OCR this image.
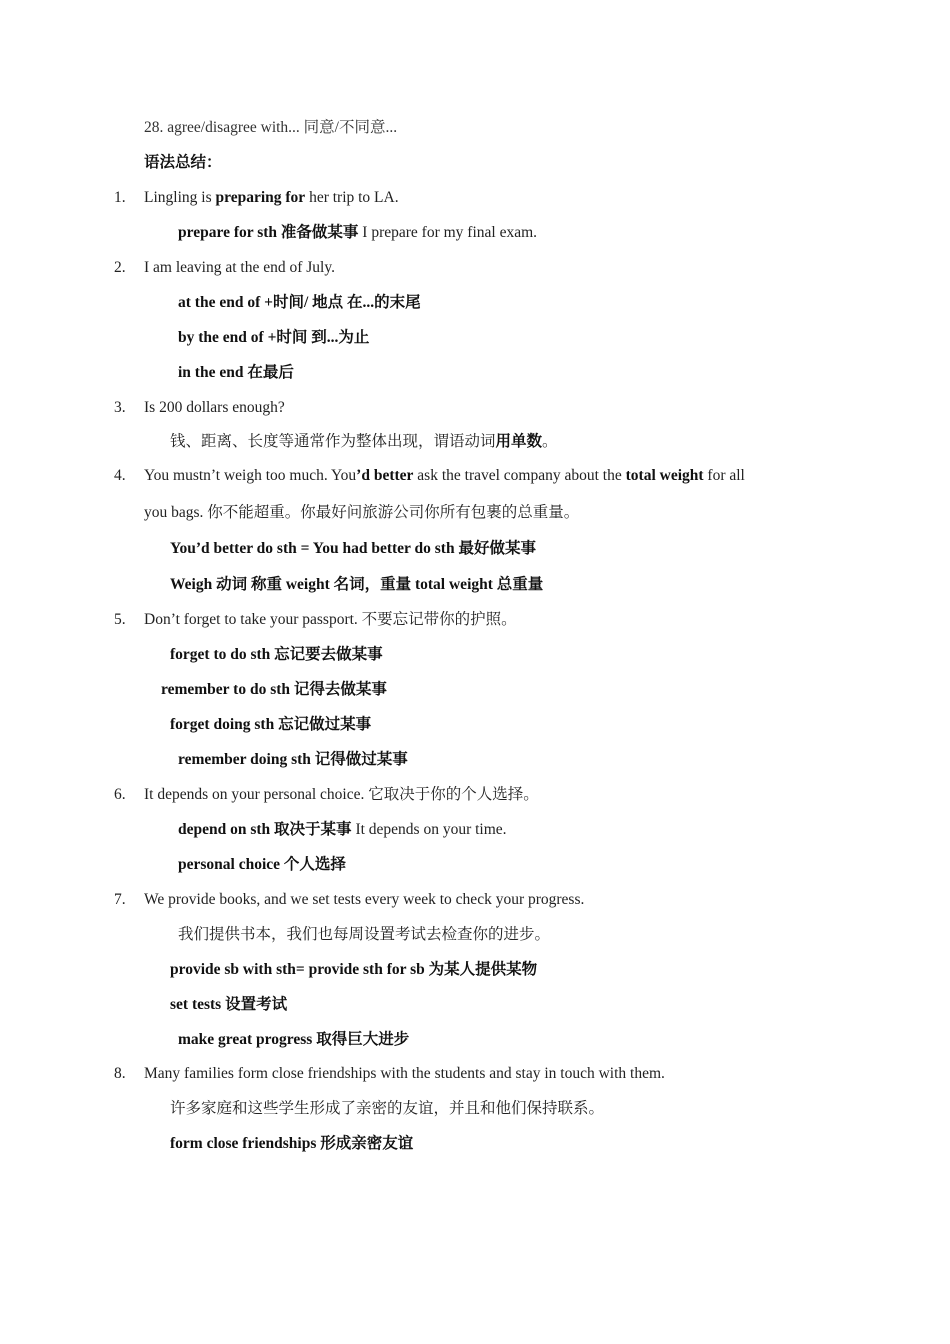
28. agree/disagree with... 同意/不同意...
语法总结：
1. Lingling is preparing for her trip to LA.
prepare for sth 准备做某事 I prepare for my final exam.
2. I am leaving at the end of July.
at the end of +时间/ 地点 在...的末尾
by the end of +时间 到...为止
in the end 在最后
3. Is 200 dollars enough?
钱、距离、长度等通常作为整体出现，谓语动词用单数。
4. You mustn’t weigh too much. You’d better ask the travel company about the total weight for all
you bags. 你不能超重。你最好问旅游公司你所有包裹的总重量。
You’d better do sth = You had better do sth 最好做某事
Weigh 动词 称重 weight 名词，重量 total weight 总重量
5. Don’t forget to take your passport. 不要忘记带你的护照。
forget to do sth 忘记要去做某事
remember to do sth 记得去做某事
forget doing sth 忘记做过某事
remember doing sth 记得做过某事
6. It depends on your personal choice. 它取决于你的个人选择。
depend on sth 取决于某事 It depends on your time.
personal choice 个人选择
7. We provide books, and we set tests every week to check your progress.
我们提供书本，我们也每周设置考试去检查你的进步。
provide sb with sth= provide sth for sb 为某人提供某物
set tests 设置考试
make great progress 取得巨大进步
8. Many families form close friendships with the students and stay in touch with them.
许多家庭和这些学生形成了亲密的友谊，并且和他们保持联系。
form close friendships 形成亲密友谊
